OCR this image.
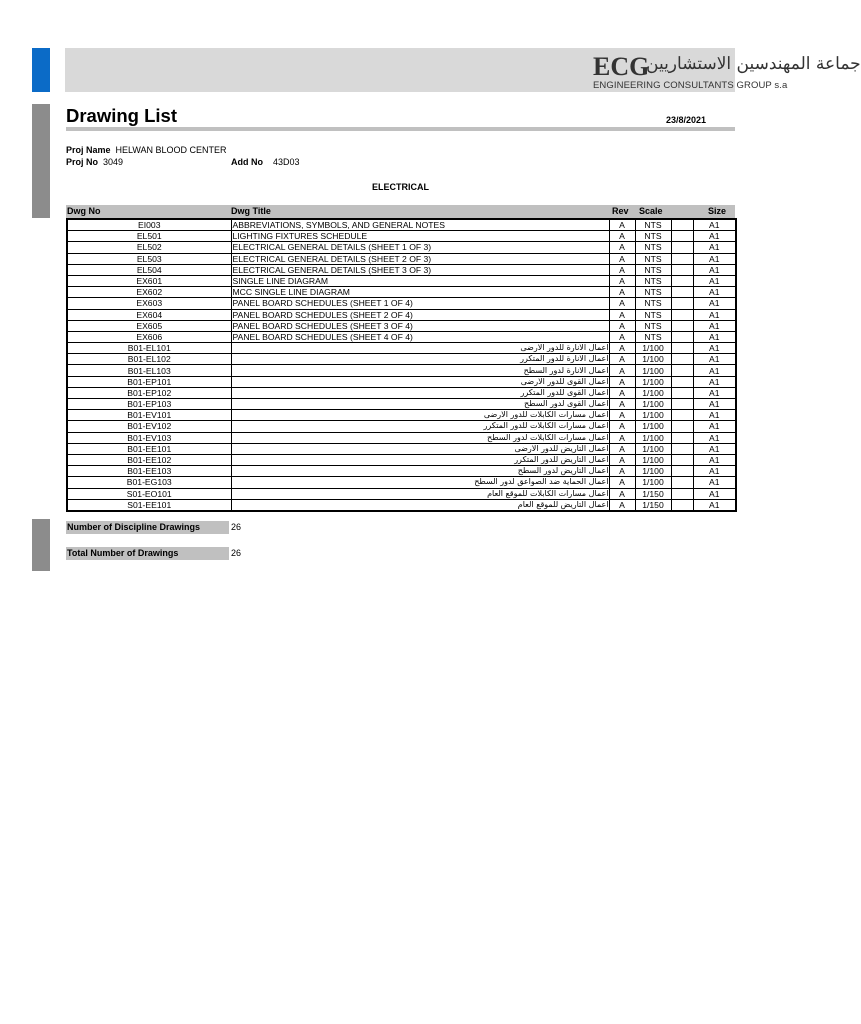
ECG
جماعة المهندسين الاستشاريين
ENGINEERING CONSULTANTS GROUP s.a
Drawing List	23/8/2021
Proj Name HELWAN BLOOD CENTER
Proj No 3049	Add No 43D03
ELECTRICAL
Dwg No	Dwg Title	Rev Scale	Size
EI003	ABBREVIATIONS, SYMBOLS, AND GENERAL NOTES	A	NTS		A1
EL501	LIGHTING FIXTURES SCHEDULE	A	NTS		A1
EL502	ELECTRICAL GENERAL DETAILS (SHEET 1 OF 3)	A	NTS		A1
EL503	ELECTRICAL GENERAL DETAILS (SHEET 2 OF 3)	A	NTS		A1
EL504	ELECTRICAL GENERAL DETAILS (SHEET 3 OF 3)	A	NTS		A1
EX601	SINGLE LINE DIAGRAM	A	NTS		A1
EX602	MCC SINGLE LINE DIAGRAM	A	NTS		A1
EX603	PANEL BOARD SCHEDULES (SHEET 1 OF 4)	A	NTS		A1
EX604	PANEL BOARD SCHEDULES (SHEET 2 OF 4)	A	NTS		A1
EX605	PANEL BOARD SCHEDULES (SHEET 3 OF 4)	A	NTS		A1
EX606	PANEL BOARD SCHEDULES (SHEET 4 OF 4)	A	NTS		A1
B01-EL101	اعمال الانارة للدور الارضى	A	1/100		A1
B01-EL102	اعمال الانارة للدور المتكرر	A	1/100		A1
B01-EL103	اعمال الانارة لدور السطح	A	1/100		A1
B01-EP101	اعمال القوى للدور الارضى	A	1/100		A1
B01-EP102	اعمال القوى للدور المتكرر	A	1/100		A1
B01-EP103	اعمال القوى لدور السطح	A	1/100		A1
B01-EV101	اعمال مسارات الكابلات للدور الارضى	A	1/100		A1
B01-EV102	اعمال مسارات الكابلات للدور المتكرر	A	1/100		A1
B01-EV103	اعمال مسارات الكابلات لدور السطح	A	1/100		A1
B01-EE101	اعمال التاريض للدور الارضى	A	1/100		A1
B01-EE102	اعمال التاريض للدور المتكرر	A	1/100		A1
B01-EE103	اعمال التاريض لدور السطح	A	1/100		A1
B01-EG103	اعمال الحماية ضد الصواعق لدور السطح	A	1/100		A1
S01-EO101	اعمال مسارات الكابلات للموقع العام	A	1/150		A1
S01-EE101	اعمال التاريض للموقع العام	A	1/150		A1
Number of Discipline Drawings	26
Total Number of Drawings	26
